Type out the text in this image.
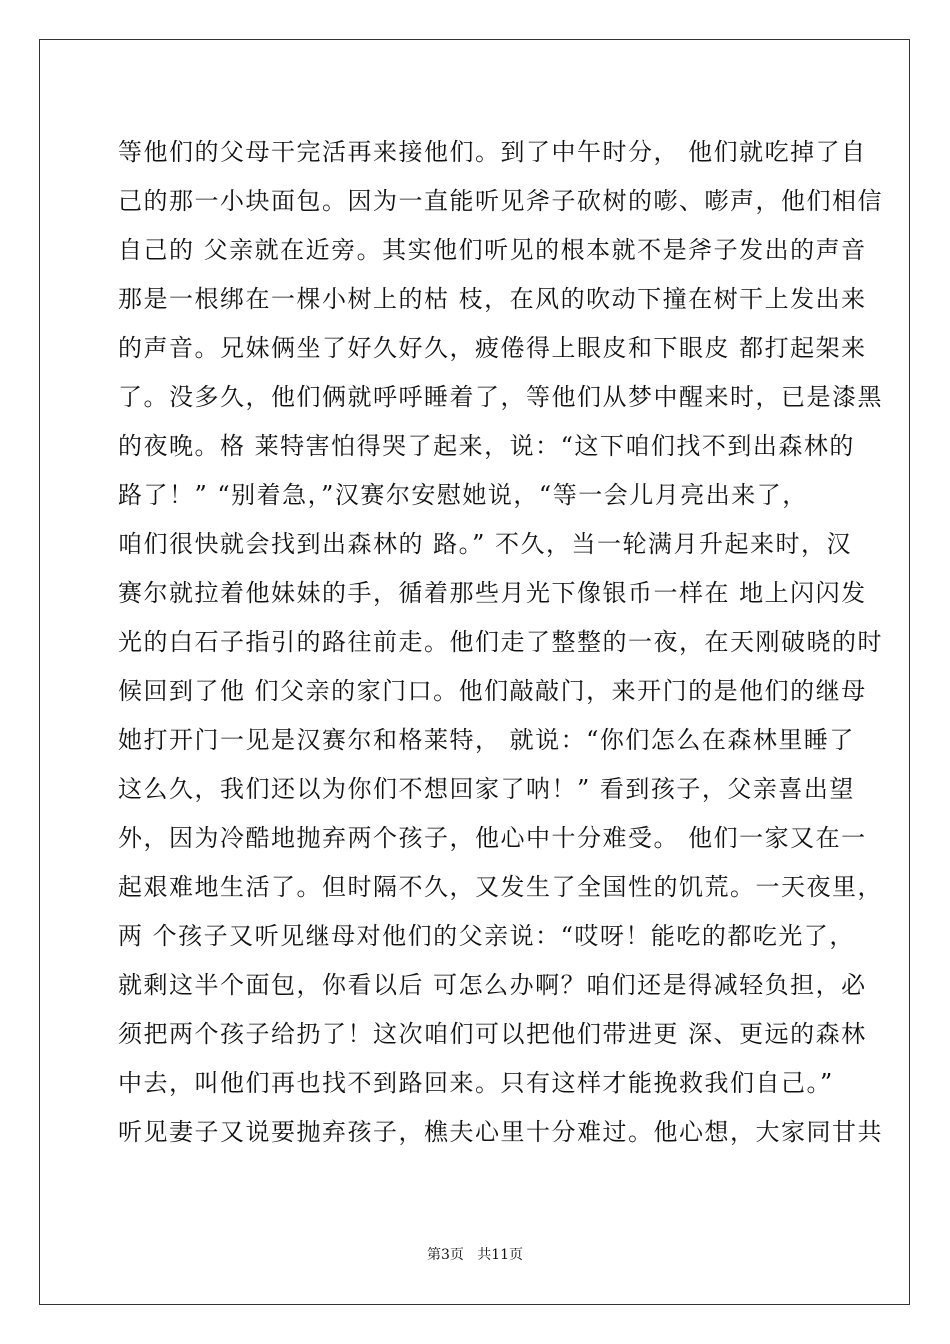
等他们的父母干完活再来接他们。到了中午时分， 他们就吃掉了自
己的那一小块面包。因为一直能听见斧子砍树的嘭、嘭声，他们相信
自己的 父亲就在近旁。其实他们听见的根本就不是斧子发出的声音
那是一根绑在一棵小树上的枯 枝，在风的吹动下撞在树干上发出来
的声音。兄妹俩坐了好久好久，疲倦得上眼皮和下眼皮 都打起架来
了。没多久，他们俩就呼呼睡着了，等他们从梦中醒来时，已是漆黑
的夜晚。格 莱特害怕得哭了起来，说：“这下咱们找不到出森林的
路了！” “别着急，”汉赛尔安慰她说，“等一会儿月亮出来了，
咱们很快就会找到出森林的 路。” 不久，当一轮满月升起来时，汉
赛尔就拉着他妹妹的手，循着那些月光下像银币一样在 地上闪闪发
光的白石子指引的路往前走。他们走了整整的一夜，在天刚破晓的时
候回到了他 们父亲的家门口。他们敲敲门，来开门的是他们的继母
她打开门一见是汉赛尔和格莱特， 就说：“你们怎么在森林里睡了
这么久，我们还以为你们不想回家了呐！” 看到孩子，父亲喜出望
外，因为冷酷地抛弃两个孩子，他心中十分难受。 他们一家又在一
起艰难地生活了。但时隔不久，又发生了全国性的饥荒。一天夜里，
两 个孩子又听见继母对他们的父亲说：“哎呀！能吃的都吃光了，
就剩这半个面包，你看以后 可怎么办啊？咱们还是得减轻负担，必
须把两个孩子给扔了！这次咱们可以把他们带进更 深、更远的森林
中去，叫他们再也找不到路回来。只有这样才能挽救我们自己。”
听见妻子又说要抛弃孩子，樵夫心里十分难过。他心想，大家同甘共
第3页   共11页
